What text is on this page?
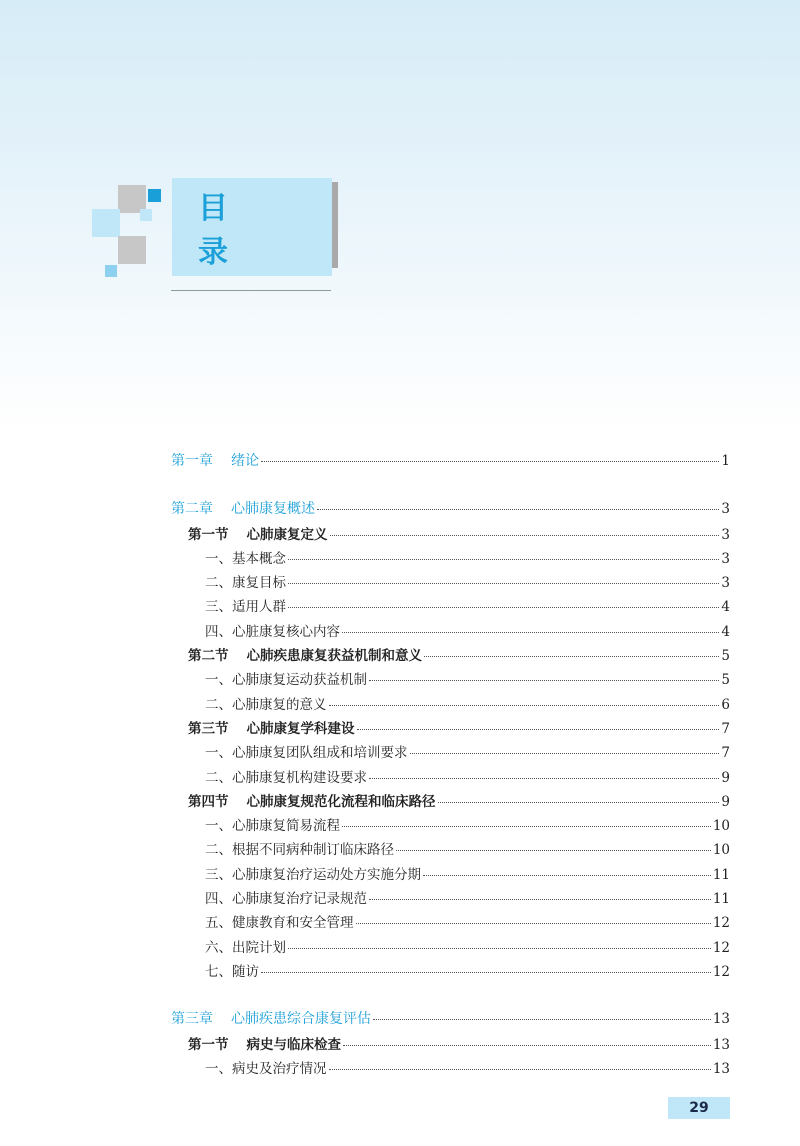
目　录
第一章 绪论	1
第二章 心肺康复概述	3
第一节 心肺康复定义	3
一、基本概念	3
二、康复目标	3
三、适用人群	4
四、心脏康复核心内容	4
第二节 心肺疾患康复获益机制和意义	5
一、心肺康复运动获益机制	5
二、心肺康复的意义	6
第三节 心肺康复学科建设	7
一、心肺康复团队组成和培训要求	7
二、心肺康复机构建设要求	9
第四节 心肺康复规范化流程和临床路径	9
一、心肺康复简易流程	10
二、根据不同病种制订临床路径	10
三、心肺康复治疗运动处方实施分期	11
四、心肺康复治疗记录规范	11
五、健康教育和安全管理	12
六、出院计划	12
七、随访	12
第三章 心肺疾患综合康复评估	13
第一节 病史与临床检查	13
一、病史及治疗情况	13
29
